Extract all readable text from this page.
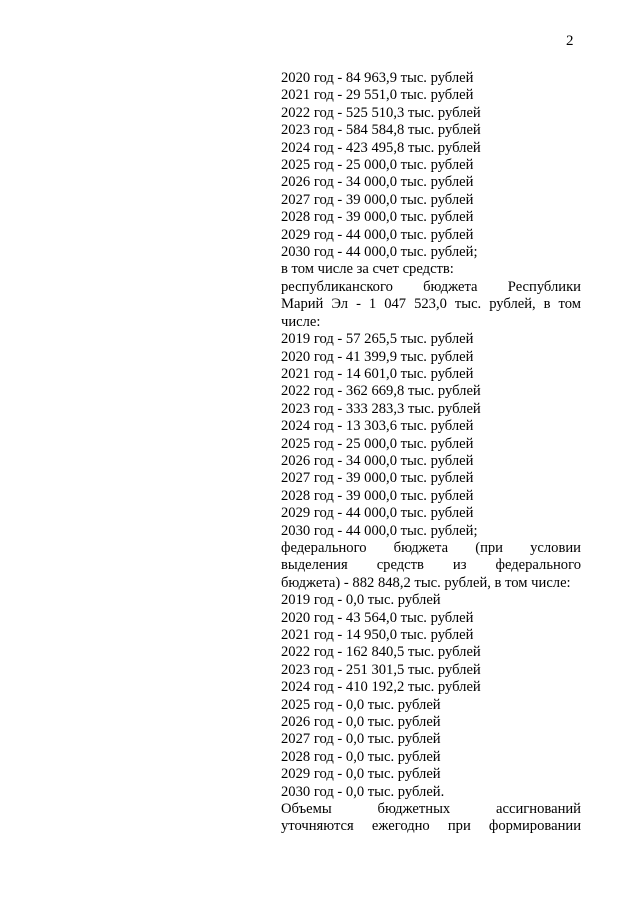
2

2020 год - 84 963,9 тыс. рублей

2021 год - 29 551,0 тыс. рублей

2022 год - 525 510,3 тыс. рублей

2023 год - 584 584,8 тыс. рублей

2024 год - 423 495,8 тыс. рублей

2025 год - 25 000,0 тыс. рублей

2026 год - 34 000,0 тыс. рублей

2027 год - 39 000,0 тыс. рублей

2028 год - 39 000,0 тыс. рублей

2029 год - 44 000,0 тыс. рублей

2030 год - 44 000,0 тыс. рублей;

в том числе за счет средств:

республиканского бюджета Республики

Марий Эл - 1 047 523,0 тыс. рублей, в том

числе:

2019 год - 57 265,5 тыс. рублей

2020 год - 41 399,9 тыс. рублей

2021 год - 14 601,0 тыс. рублей

2022 год - 362 669,8 тыс. рублей

2023 год - 333 283,3 тыс. рублей

2024 год - 13 303,6 тыс. рублей

2025 год - 25 000,0 тыс. рублей

2026 год - 34 000,0 тыс. рублей

2027 год - 39 000,0 тыс. рублей

2028 год - 39 000,0 тыс. рублей

2029 год - 44 000,0 тыс. рублей

2030 год - 44 000,0 тыс. рублей;

федерального бюджета (при условии

выделения средств из федерального

бюджета) - 882 848,2 тыс. рублей, в том числе:

2019 год - 0,0 тыс. рублей

2020 год - 43 564,0 тыс. рублей

2021 год - 14 950,0 тыс. рублей

2022 год - 162 840,5 тыс. рублей

2023 год - 251 301,5 тыс. рублей

2024 год - 410 192,2 тыс. рублей

2025 год - 0,0 тыс. рублей

2026 год - 0,0 тыс. рублей

2027 год - 0,0 тыс. рублей

2028 год - 0,0 тыс. рублей

2029 год - 0,0 тыс. рублей

2030 год - 0,0 тыс. рублей.

Объемы бюджетных ассигнований

уточняются ежегодно при формировании
